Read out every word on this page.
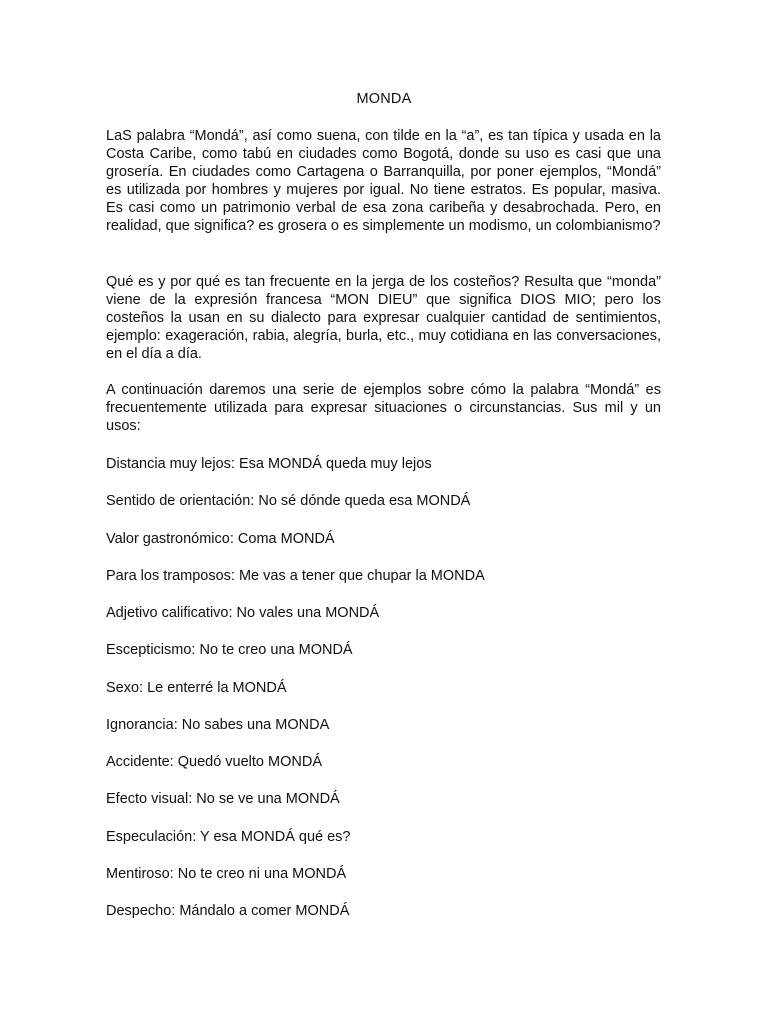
MONDA

LaS palabra “Mondá”, así como suena, con tilde en la “a”, es tan típica y usada en la Costa Caribe, como tabú en ciudades como Bogotá, donde su uso es casi que una grosería. En ciudades como Cartagena o Barranquilla, por poner ejemplos, “Mondá” es utilizada por hombres y mujeres por igual. No tiene estratos. Es popular, masiva. Es casi como un patrimonio verbal de esa zona caribeña y desabrochada. Pero, en realidad, que significa? es grosera o es simplemente un modismo, un colombianismo?

Qué es y por qué es tan frecuente en la jerga de los costeños? Resulta que “monda” viene de la expresión francesa “MON DIEU” que significa DIOS MIO; pero los costeños la usan en su dialecto para expresar cualquier cantidad de sentimientos, ejemplo: exageración, rabia, alegría, burla, etc., muy cotidiana en las conversaciones, en el día a día.

A continuación daremos una serie de ejemplos sobre cómo la palabra “Mondá” es frecuentemente utilizada para expresar situaciones o circunstancias. Sus mil y un usos:

Distancia muy lejos: Esa MONDÁ queda muy lejos
Sentido de orientación: No sé dónde queda esa MONDÁ
Valor gastronómico: Coma MONDÁ
Para los tramposos: Me vas a tener que chupar la MONDA
Adjetivo calificativo: No vales una MONDÁ
Escepticismo: No te creo una MONDÁ
Sexo: Le enterré la MONDÁ
Ignorancia: No sabes una MONDA
Accidente: Quedó vuelto MONDÁ
Efecto visual: No se ve una MONDÁ
Especulación: Y esa MONDÁ qué es?
Mentiroso: No te creo ni una MONDÁ
Despecho: Mándalo a comer MONDÁ
